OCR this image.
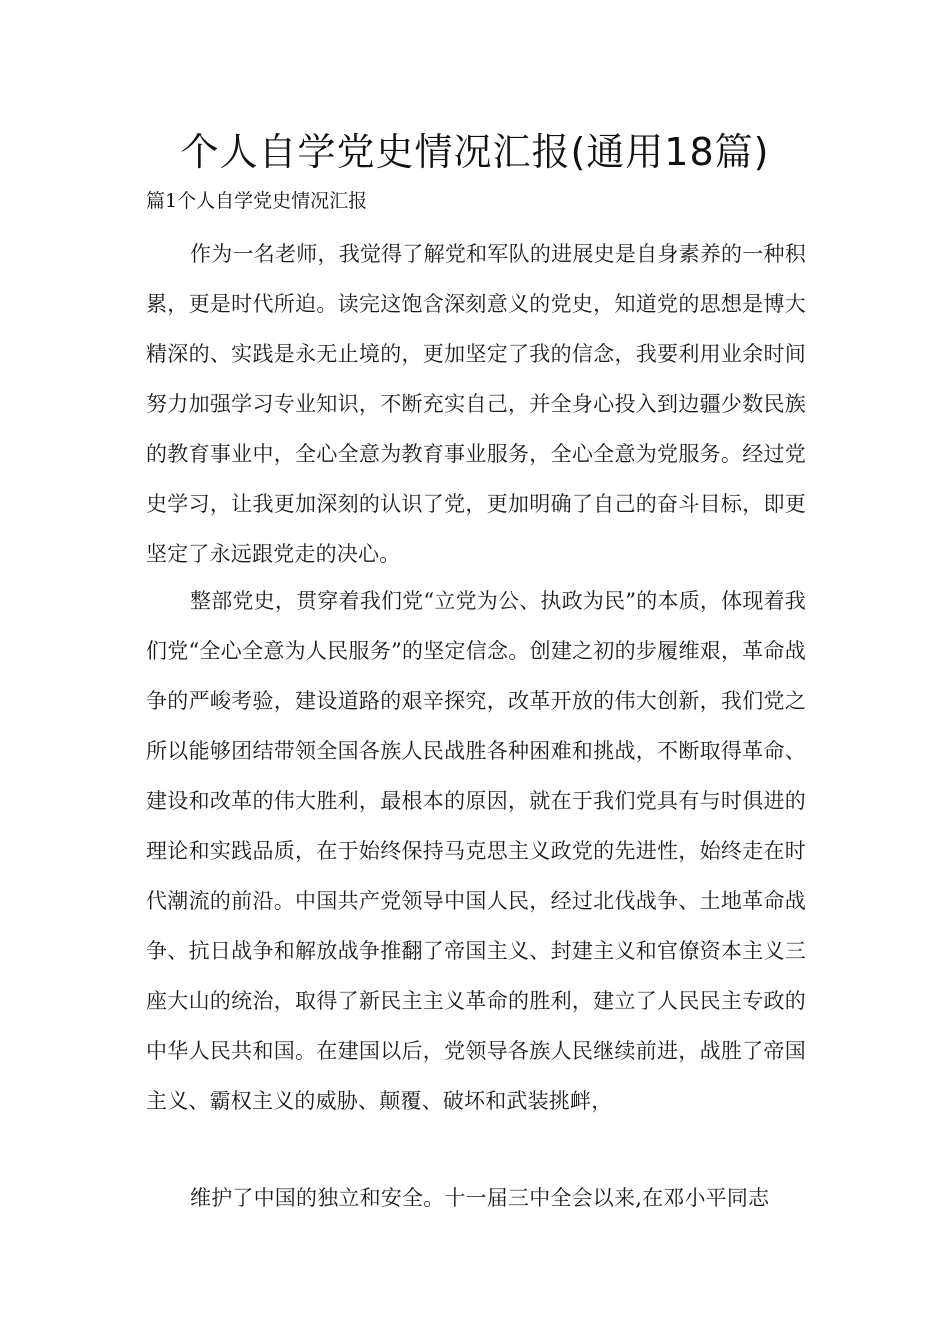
个人自学党史情况汇报(通用18篇)
篇1个人自学党史情况汇报

作为一名老师，我觉得了解党和军队的进展史是自身素养的一种积累，更是时代所迫。读完这饱含深刻意义的党史，知道党的思想是博大精深的、实践是永无止境的，更加坚定了我的信念，我要利用业余时间努力加强学习专业知识，不断充实自己，并全身心投入到边疆少数民族的教育事业中，全心全意为教育事业服务，全心全意为党服务。经过党史学习，让我更加深刻的认识了党，更加明确了自己的奋斗目标，即更坚定了永远跟党走的决心。

整部党史，贯穿着我们党“立党为公、执政为民”的本质，体现着我们党“全心全意为人民服务”的坚定信念。创建之初的步履维艰，革命战争的严峻考验，建设道路的艰辛探究，改革开放的伟大创新，我们党之所以能够团结带领全国各族人民战胜各种困难和挑战，不断取得革命、建设和改革的伟大胜利，最根本的原因，就在于我们党具有与时俱进的理论和实践品质，在于始终保持马克思主义政党的先进性，始终走在时代潮流的前沿。中国共产党领导中国人民，经过北伐战争、土地革命战争、抗日战争和解放战争推翻了帝国主义、封建主义和官僚资本主义三座大山的统治，取得了新民主主义革命的胜利，建立了人民民主专政的中华人民共和国。在建国以后，党领导各族人民继续前进，战胜了帝国主义、霸权主义的威胁、颠覆、破坏和武装挑衅，

维护了中国的独立和安全。十一届三中全会以来,在邓小平同志
